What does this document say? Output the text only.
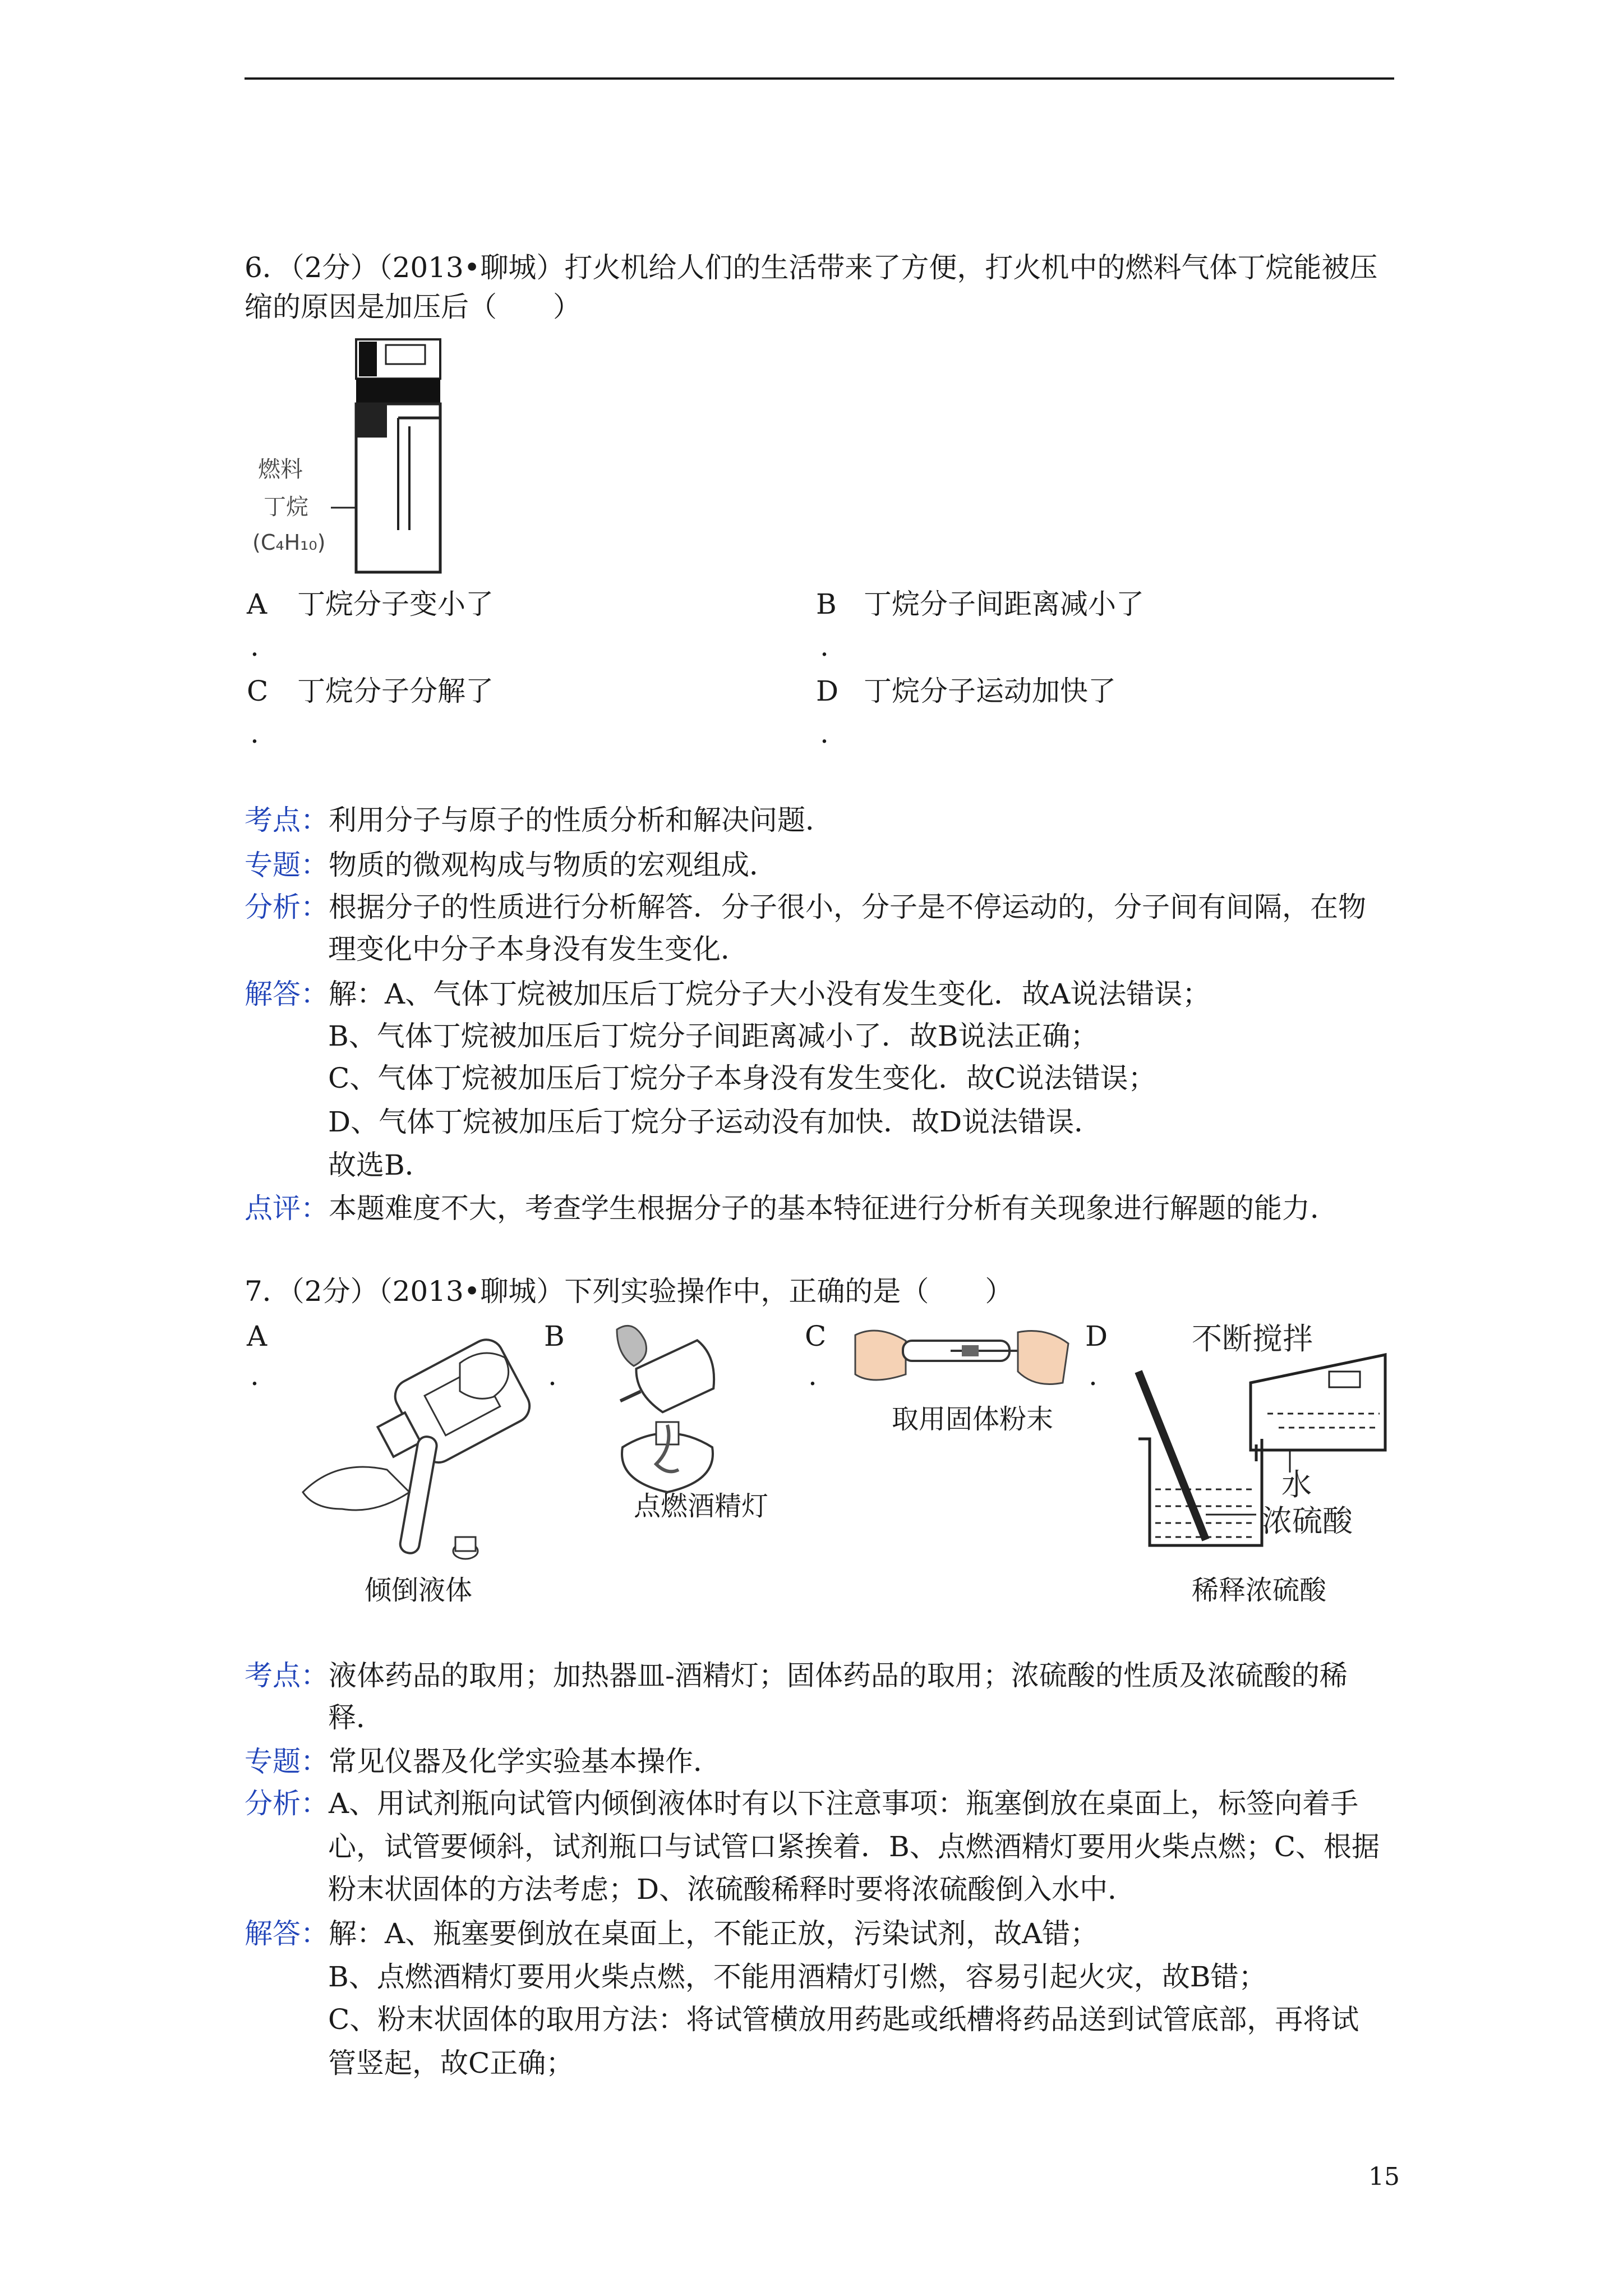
6．（2分）（2013•聊城）打火机给人们的生活带来了方便，打火机中的燃料气体丁烷能被压
缩的原因是加压后（　　）
燃料
丁烷
(C₄H₁₀)
A 丁烷分子变小了
.
B 丁烷分子间距离减小了
.
C 丁烷分子分解了
.
D 丁烷分子运动加快了
.
考点：利用分子与原子的性质分析和解决问题．
专题：物质的微观构成与物质的宏观组成．
分析：根据分子的性质进行分析解答．分子很小，分子是不停运动的，分子间有间隔，在物
理变化中分子本身没有发生变化．
解答：解：A、气体丁烷被加压后丁烷分子大小没有发生变化．故A说法错误；
B、气体丁烷被加压后丁烷分子间距离减小了．故B说法正确；
C、气体丁烷被加压后丁烷分子本身没有发生变化．故C说法错误；
D、气体丁烷被加压后丁烷分子运动没有加快．故D说法错误．
故选B．
点评：本题难度不大，考查学生根据分子的基本特征进行分析有关现象进行解题的能力．
7．（2分）（2013•聊城）下列实验操作中，正确的是（　　）
A
.
B
.
C
.
D
.
倾倒液体
点燃酒精灯
取用固体粉末
不断搅拌
水
浓硫酸
稀释浓硫酸
考点：液体药品的取用；加热器皿-酒精灯；固体药品的取用；浓硫酸的性质及浓硫酸的稀
释．
专题：常见仪器及化学实验基本操作．
分析：A、用试剂瓶向试管内倾倒液体时有以下注意事项：瓶塞倒放在桌面上，标签向着手
心，试管要倾斜，试剂瓶口与试管口紧挨着．B、点燃酒精灯要用火柴点燃；C、根据
粉末状固体的方法考虑；D、浓硫酸稀释时要将浓硫酸倒入水中．
解答：解：A、瓶塞要倒放在桌面上，不能正放，污染试剂，故A错；
B、点燃酒精灯要用火柴点燃，不能用酒精灯引燃，容易引起火灾，故B错；
C、粉末状固体的取用方法：将试管横放用药匙或纸槽将药品送到试管底部，再将试
管竖起，故C正确；
15
